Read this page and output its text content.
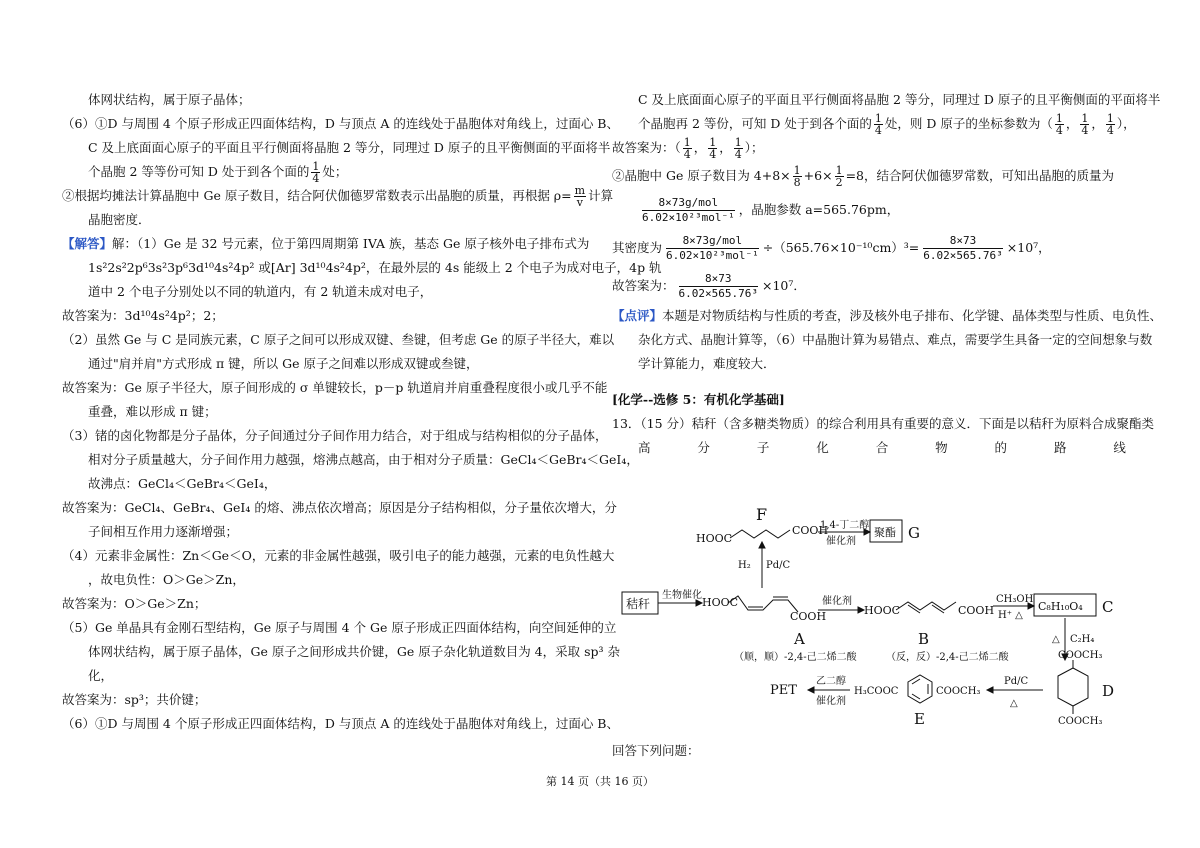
体网状结构，属于原子晶体；
（6）①D 与周围 4 个原子形成正四面体结构，D 与顶点 A 的连线处于晶胞体对角线上，过面心 B、
C 及上底面面心原子的平面且平行侧面将晶胞 2 等分，同理过 D 原子的且平衡侧面的平面将半
个晶胞 2 等等份可知 D 处于到各个面的 $\frac{1}{4}$ 处；
②根据均摊法计算晶胞中 Ge 原子数目，结合阿伏伽德罗常数表示出晶胞的质量，再根据 $\rho= \frac{m}{v}$ 计算
晶胞密度．
【解答】解：（1）Ge 是 32 号元素，位于第四周期第 IVA 族，基态 Ge 原子核外电子排布式为
1s²2s²2p⁶3s²3p⁶3d¹⁰4s²4p² 或[Ar] 3d¹⁰4s²4p²，在最外层的 4s 能级上 2 个电子为成对电子，4p 轨
道中 2 个电子分别处以不同的轨道内，有 2 轨道未成对电子，
故答案为：3d¹⁰4s²4p²；2；
（2）虽然 Ge 与 C 是同族元素，C 原子之间可以形成双键、叁键，但考虑 Ge 的原子半径大，难以
通过"肩并肩"方式形成 π 键，所以 Ge 原子之间难以形成双键或叁键，
故答案为：Ge 原子半径大，原子间形成的 σ 单键较长，p－p 轨道肩并肩重叠程度很小或几乎不能
重叠，难以形成 π 键；
（3）锗的卤化物都是分子晶体，分子间通过分子间作用力结合，对于组成与结构相似的分子晶体，
相对分子质量越大，分子间作用力越强，熔沸点越高，由于相对分子质量：GeCl₄＜GeBr₄＜GeI₄，
故沸点：GeCl₄＜GeBr₄＜GeI₄，
故答案为：GeCl₄、GeBr₄、GeI₄ 的熔、沸点依次增高；原因是分子结构相似，分子量依次增大，分
子间相互作用力逐渐增强；
（4）元素非金属性：Zn＜Ge＜O，元素的非金属性越强，吸引电子的能力越强，元素的电负性越大
，故电负性：O＞Ge＞Zn，
故答案为：O＞Ge＞Zn；
（5）Ge 单晶具有金刚石型结构，Ge 原子与周围 4 个 Ge 原子形成正四面体结构，向空间延伸的立
体网状结构，属于原子晶体，Ge 原子之间形成共价键，Ge 原子杂化轨道数目为 4，采取 sp³ 杂
化，
故答案为：sp³；共价键；
（6）①D 与周围 4 个原子形成正四面体结构，D 与顶点 A 的连线处于晶胞体对角线上，过面心 B、
C 及上底面面心原子的平面且平行侧面将晶胞 2 等分，同理过 D 原子的且平衡侧面的平面将半
个晶胞再 2 等份，可知 D 处于到各个面的 $\frac{1}{4}$ 处，则 D 原子的坐标参数为（ $\frac{1}{4}$ ， $\frac{1}{4}$ ， $\frac{1}{4}$ ），
故答案为：（ $\frac{1}{4}$ ， $\frac{1}{4}$ ， $\frac{1}{4}$ ）；
②晶胞中 Ge 原子数目为 $4+8\times \frac{1}{8} +6\times \frac{1}{2} =8$，结合阿伏伽德罗常数，可知出晶胞的质量为
8×73g/mol
6.02×10²³mol⁻¹
，晶胞参数 a=565.76pm，
其密度为	8×73g/mol
6.02×10²³mol⁻¹
$\div(565.76\times 10^{-10}cm)^3= \frac{8\times 73}{\text{6.02×565.76³}} \times 10^7$，
故答案为： $\frac{8\times 73}{\text{6.02×565.76³}} \times 10^7$．
【点评】本题是对物质结构与性质的考查，涉及核外电子排布、化学键、晶体类型与性质、电负性、
杂化方式、晶胞计算等，（6）中晶胞计算为易错点、难点，需要学生具备一定的空间想象与数
学计算能力，难度较大．
[化学--选修 5：有机化学基础]
13．（15 分）秸秆（含多糖类物质）的综合利用具有重要的意义．下面是以秸秆为原料合成聚酯类
高	分	子	化	合	物	的	路	线
HOOC
COOH
F
1,4-丁二醇
催化剂
聚酯 G
H₂ Pd/C
秸秆
生物催化
HOOC
COOH
催化剂
HOOC	COOH
CH₃OH
H⁺ △
C₈H₁₀O₄ C
A	B
（顺，顺）-2,4-己二烯二酸	（反，反）-2,4-己二烯二酸
△ C₂H₄
COOCH₃
COOCH₃
D
Pd/C
△
H₃COOC	COOCH₃
E
PET
乙二醇
催化剂
回答下列问题：
第 14 页（共 16 页）
